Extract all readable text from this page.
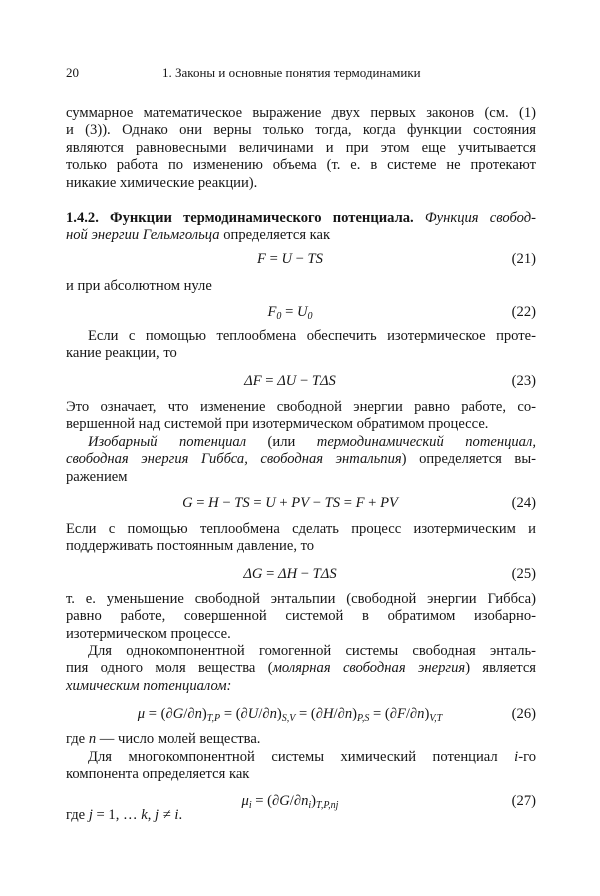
20	1. Законы и основные понятия термодинамики
суммарное математическое выражение двух первых законов (см. (1)
и (3)). Однако они верны только тогда, когда функции состояния
являются равновесными величинами и при этом еще учитывается
только работа по изменению объема (т. е. в системе не протекают
никакие химические реакции).
1.4.2. Функции термодинамического потенциала. Функция свобод-
ной энергии Гельмгольца определяется как
F = U − TS	(21)
и при абсолютном нуле
$F_0 = U_0$	(22)
Если с помощью теплообмена обеспечить изотермическое проте-
кание реакции, то
ΔF = ΔU − TΔS	(23)
Это означает, что изменение свободной энергии равно работе, со-
вершенной над системой при изотермическом обратимом процессе.
Изобарный потенциал (или термодинамический потенциал,
свободная энергия Гиббса, свободная энтальпия) определяется вы-
ражением
G = H − TS = U + PV − TS = F + PV	(24)
Если с помощью теплообмена сделать процесс изотермическим и
поддерживать постоянным давление, то
ΔG = ΔH − TΔS	(25)
т. е. уменьшение свободной энтальпии (свободной энергии Гиббса)
равно работе, совершенной системой в обратимом изобарно-
изотермическом процессе.
Для однокомпонентной гомогенной системы свободная энталь-
пия одного моля вещества (молярная свободная энергия) является
химическим потенциалом:
$\mu = (\partial G/\partial n)_{T,P} = (\partial U/\partial n)_{S,V} = (\partial H/\partial n)_{P,S} = (\partial F/\partial n)_{V,T}$	(26)
где n — число молей вещества.
Для многокомпонентной системы химический потенциал i-го
компонента определяется как
$\mu_i = (\partial G/\partial n_i)_{T,P,nj}$	(27)
где j = 1, … k, j ≠ i.
